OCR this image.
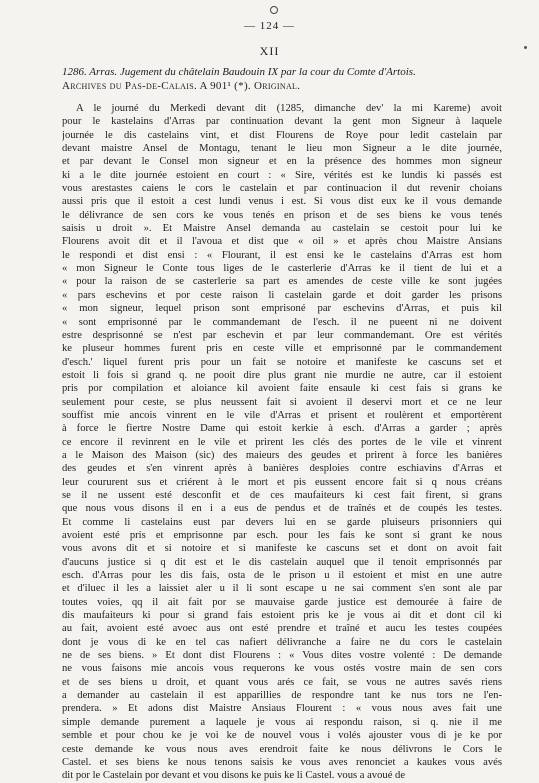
— 124 —
XII
1286. Arras. Jugement du châtelain Baudouin IX par la cour du Comte d'Artois.
Archives du Pas-de-Calais. A 901¹ (*). Original.
A le journé du Merkedi devant dit (1285, dimanche dev' la mi Kareme) avoit
pour le kastelains d'Arras par continuation devant la gent mon Signeur à laquele
journée le dis castelains vint, et dist Flourens de Roye pour ledit castelain par
devant maistre Ansel de Montagu, tenant le lieu mon Signeur a le dite journée,
et par devant le Consel mon signeur et en la présence des hommes mon signeur
ki a le dite journée estoient en court : « Sire, vérités est ke lundis ki passés est
vous arestastes caiens le cors le castelain et par continuacion il dut revenir choians
aussi pris que il estoit a cest lundi venus i est. Si vous dist eux ke il vous demande
le délivrance de sen cors ke vous tenés en prison et de ses biens ke vous tenés
saisis u droit ». Et Maistre Ansel demanda au castelain se cestoit pour lui ke
Flourens avoit dit et il l'avoua et dist que « oil » et après chou Maistre Ansians
le respondi et dist ensi : « Flourant, il est ensi ke le castelains d'Arras est hom
« mon Signeur le Conte tous liges de le casterlerie d'Arras ke il tient de lui et a
« pour la raison de se casterlerie sa part es amendes de ceste ville ke sont jugées
« pars eschevins et por ceste raison li castelain garde et doit garder les prisons
« mon signeur, lequel prison sont emprisoné par eschevins d'Arras, et puis kil
« sont emprisonné par le commandemant de l'esch. il ne pueent ni ne doivent
estre desprisonné se n'est par eschevin et par leur commandemant. Ore est vérités
ke pluseur hommes furent pris en ceste ville et emprisonné par le commandement
d'esch.' liquel furent pris pour un fait se notoire et manifeste ke cascuns set et
estoit li fois si grand q. ne pooit dire plus grant nie murdie ne autre, car il estoient
pris por compilation et aloiance kil avoient faite ensaule ki cest fais si grans ke
seulement pour ceste, se plus neussent fait si avoient il deservi mort et ce ne leur
souffist mie ancois vinrent en le vile d'Arras et prisent et roulèrent et emportèrent
à force le fiertre Nostre Dame qui estoit kerkie à esch. d'Arras a garder ; après
ce encore il revinrent en le vile et prirent les clés des portes de le vile et vinrent
a le Maison des Maison (sic) des maieurs des geudes et prirent à force les banières
des geudes et s'en vinrent après à banières desploies contre eschiavins d'Arras et
leur coururent sus et criérent à le mort et pis eussent encore fait si q nous créans
se il ne ussent esté desconfit et de ces maufaiteurs ki cest fait firent, si grans
que nous vous disons il en i a eus de pendus et de traînés et de coupés les testes.
Et comme li castelains eust par devers lui en se garde pluiseurs prisonniers qui
avoient esté pris et emprisonne par esch. pour les fais ke sont si grant ke nous
vous avons dit et si notoire et si manifeste ke cascuns set et dont on avoit fait
d'aucuns justice si q dit est et le dis castelain auquel que il tenoit emprisonnés par
esch. d'Arras pour les dis fais, osta de le prison u il estoient et mist en une autre
et d'iluec il les a laissiet aler u il li sont escape u ne sai comment s'en sont ale par
toutes voies, qq il ait fait por se mauvaise garde justice est demourée à faire de
dis maufaiteurs ki pour si grand fais estoient pris ke je vous ai dit et dont cil ki
au fait, avoient esté avoec aus ont esté prendre et traîné et aucu les testes coupées
dont je vous di ke en tel cas nafiert délivranche a faire ne du cors le castelain
ne de ses biens. » Et dont dist Flourens : « Vous dites vostre volenté : De demande
ne vous faisons mie ancois vous requerons ke vous ostés vostre main de sen cors
et de ses biens u droit, et quant vous arés ce fait, se vous ne autres savés riens
a demander au castelain il est apparillies de respondre tant ke nus tors ne l'en-
prendera. » Et adons dist Maistre Ansiaus Flourent : « vous nous aves fait une
simple demande purement a laquele je vous ai respondu raison, si q. nie il me
semble et pour chou ke je voi ke de nouvel vous i volés ajouster vous di je ke por
ceste demande ke vous nous aves erendroit faite ke nous délivrons le Cors le
Castel. et ses biens ke nous tenons saisis ke vous aves renonciet a kaukes vous avés
dit por le Castelain por devant et vou disons ke puis ke li Castel. vous a avoué de
